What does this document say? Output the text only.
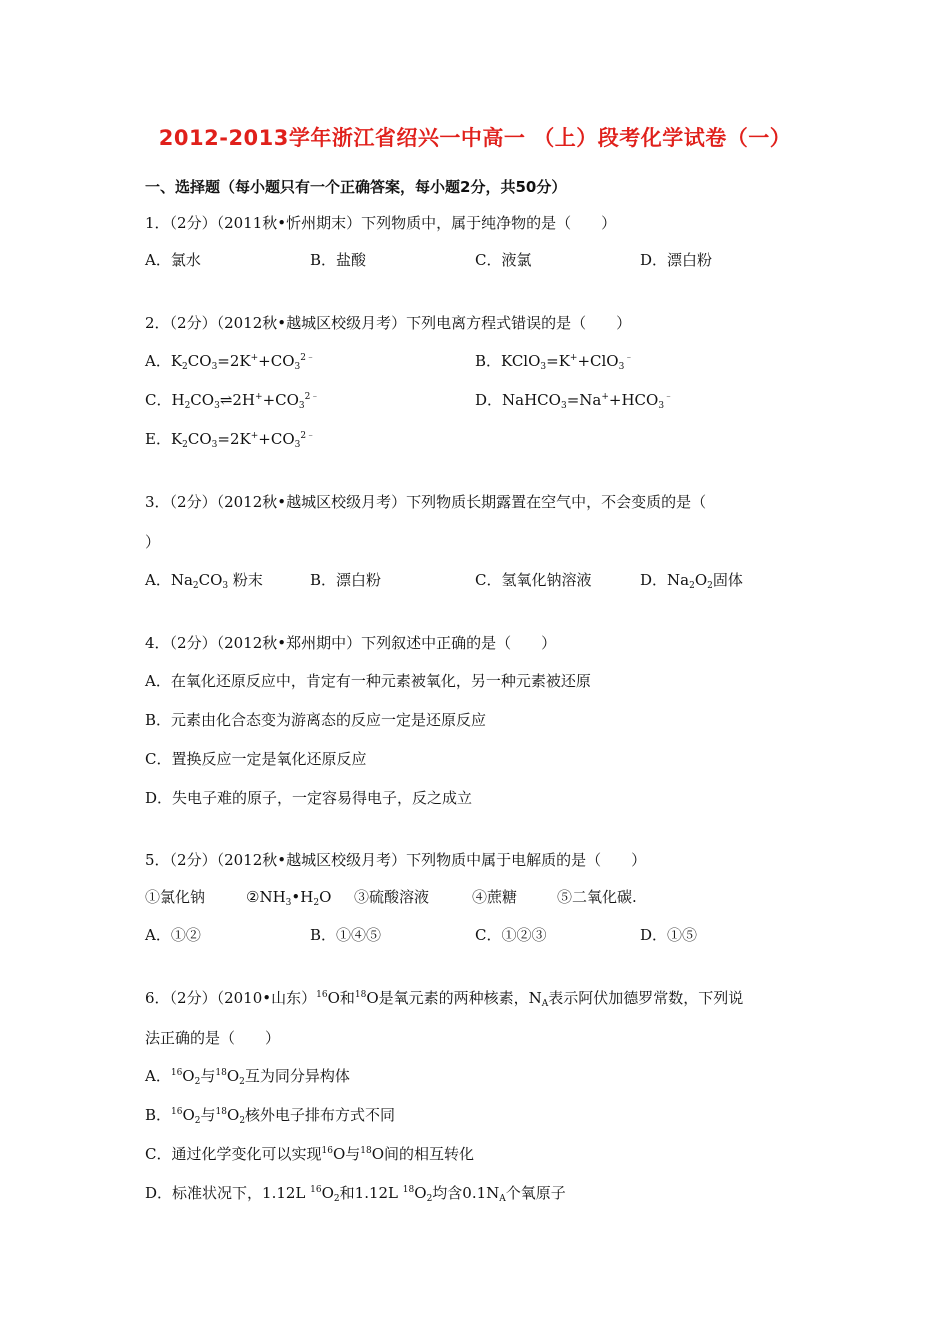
2012-2013学年浙江省绍兴一中高一 （上）段考化学试卷（一）
一、选择题（每小题只有一个正确答案，每小题2分，共50分）
1．（2分）（2011秋•忻州期末）下列物质中，属于纯净物的是（　　）
A．氯水	B．盐酸	C．液氯	D．漂白粉
2．（2分）（2012秋•越城区校级月考）下列电离方程式错误的是（　　）
A．$K_2CO_3=2K^++CO_3^{2﹣}$	B．KClO$_3$=K++ClO$_3$﹣
C．$H_2CO_3\rightleftharpoons 2H^++CO_3^{2﹣}$	D．$NaHCO_3=Na^++HCO_3^﹣$
E．$K_2CO_3=2K^++CO_3^{2﹣}$
3．（2分）（2012秋•越城区校级月考）下列物质长期露置在空气中，不会变质的是（
）
A．$Na_2CO_3$ 粉末	B．漂白粉	C．氢氧化钠溶液	D．$Na_2O_2$固体
4．（2分）（2012秋•郑州期中）下列叙述中正确的是（　　）
A．在氧化还原反应中，肯定有一种元素被氧化，另一种元素被还原
B．元素由化合态变为游离态的反应一定是还原反应
C．置换反应一定是氧化还原反应
D．失电子难的原子，一定容易得电子，反之成立
5．（2分）（2012秋•越城区校级月考）下列物质中属于电解质的是（　　）
①氯化钠	$②NH_3•H_2O$ ③硫酸溶液	④蔗糖	⑤二氧化碳.
A．①②	B．①④⑤	C．①②③	D．①⑤
6．（2分）（2010•山东）$^{16}$O和$^{18}$O是氧元素的两种核素，$N_A$表示阿伏加德罗常数，下列说
法正确的是（　　）
A．$^{16}O_2$与$^{18}O_2$互为同分异构体
B．$^{16}O_2$与$^{18}O_2$核外电子排布方式不同
C．通过化学变化可以实现$^{16}$O与$^{18}$O间的相互转化
D．标准状况下，1.12L $^{16}O_2$和1.12L $^{18}O_2$均含$0.1N_A$个氧原子
